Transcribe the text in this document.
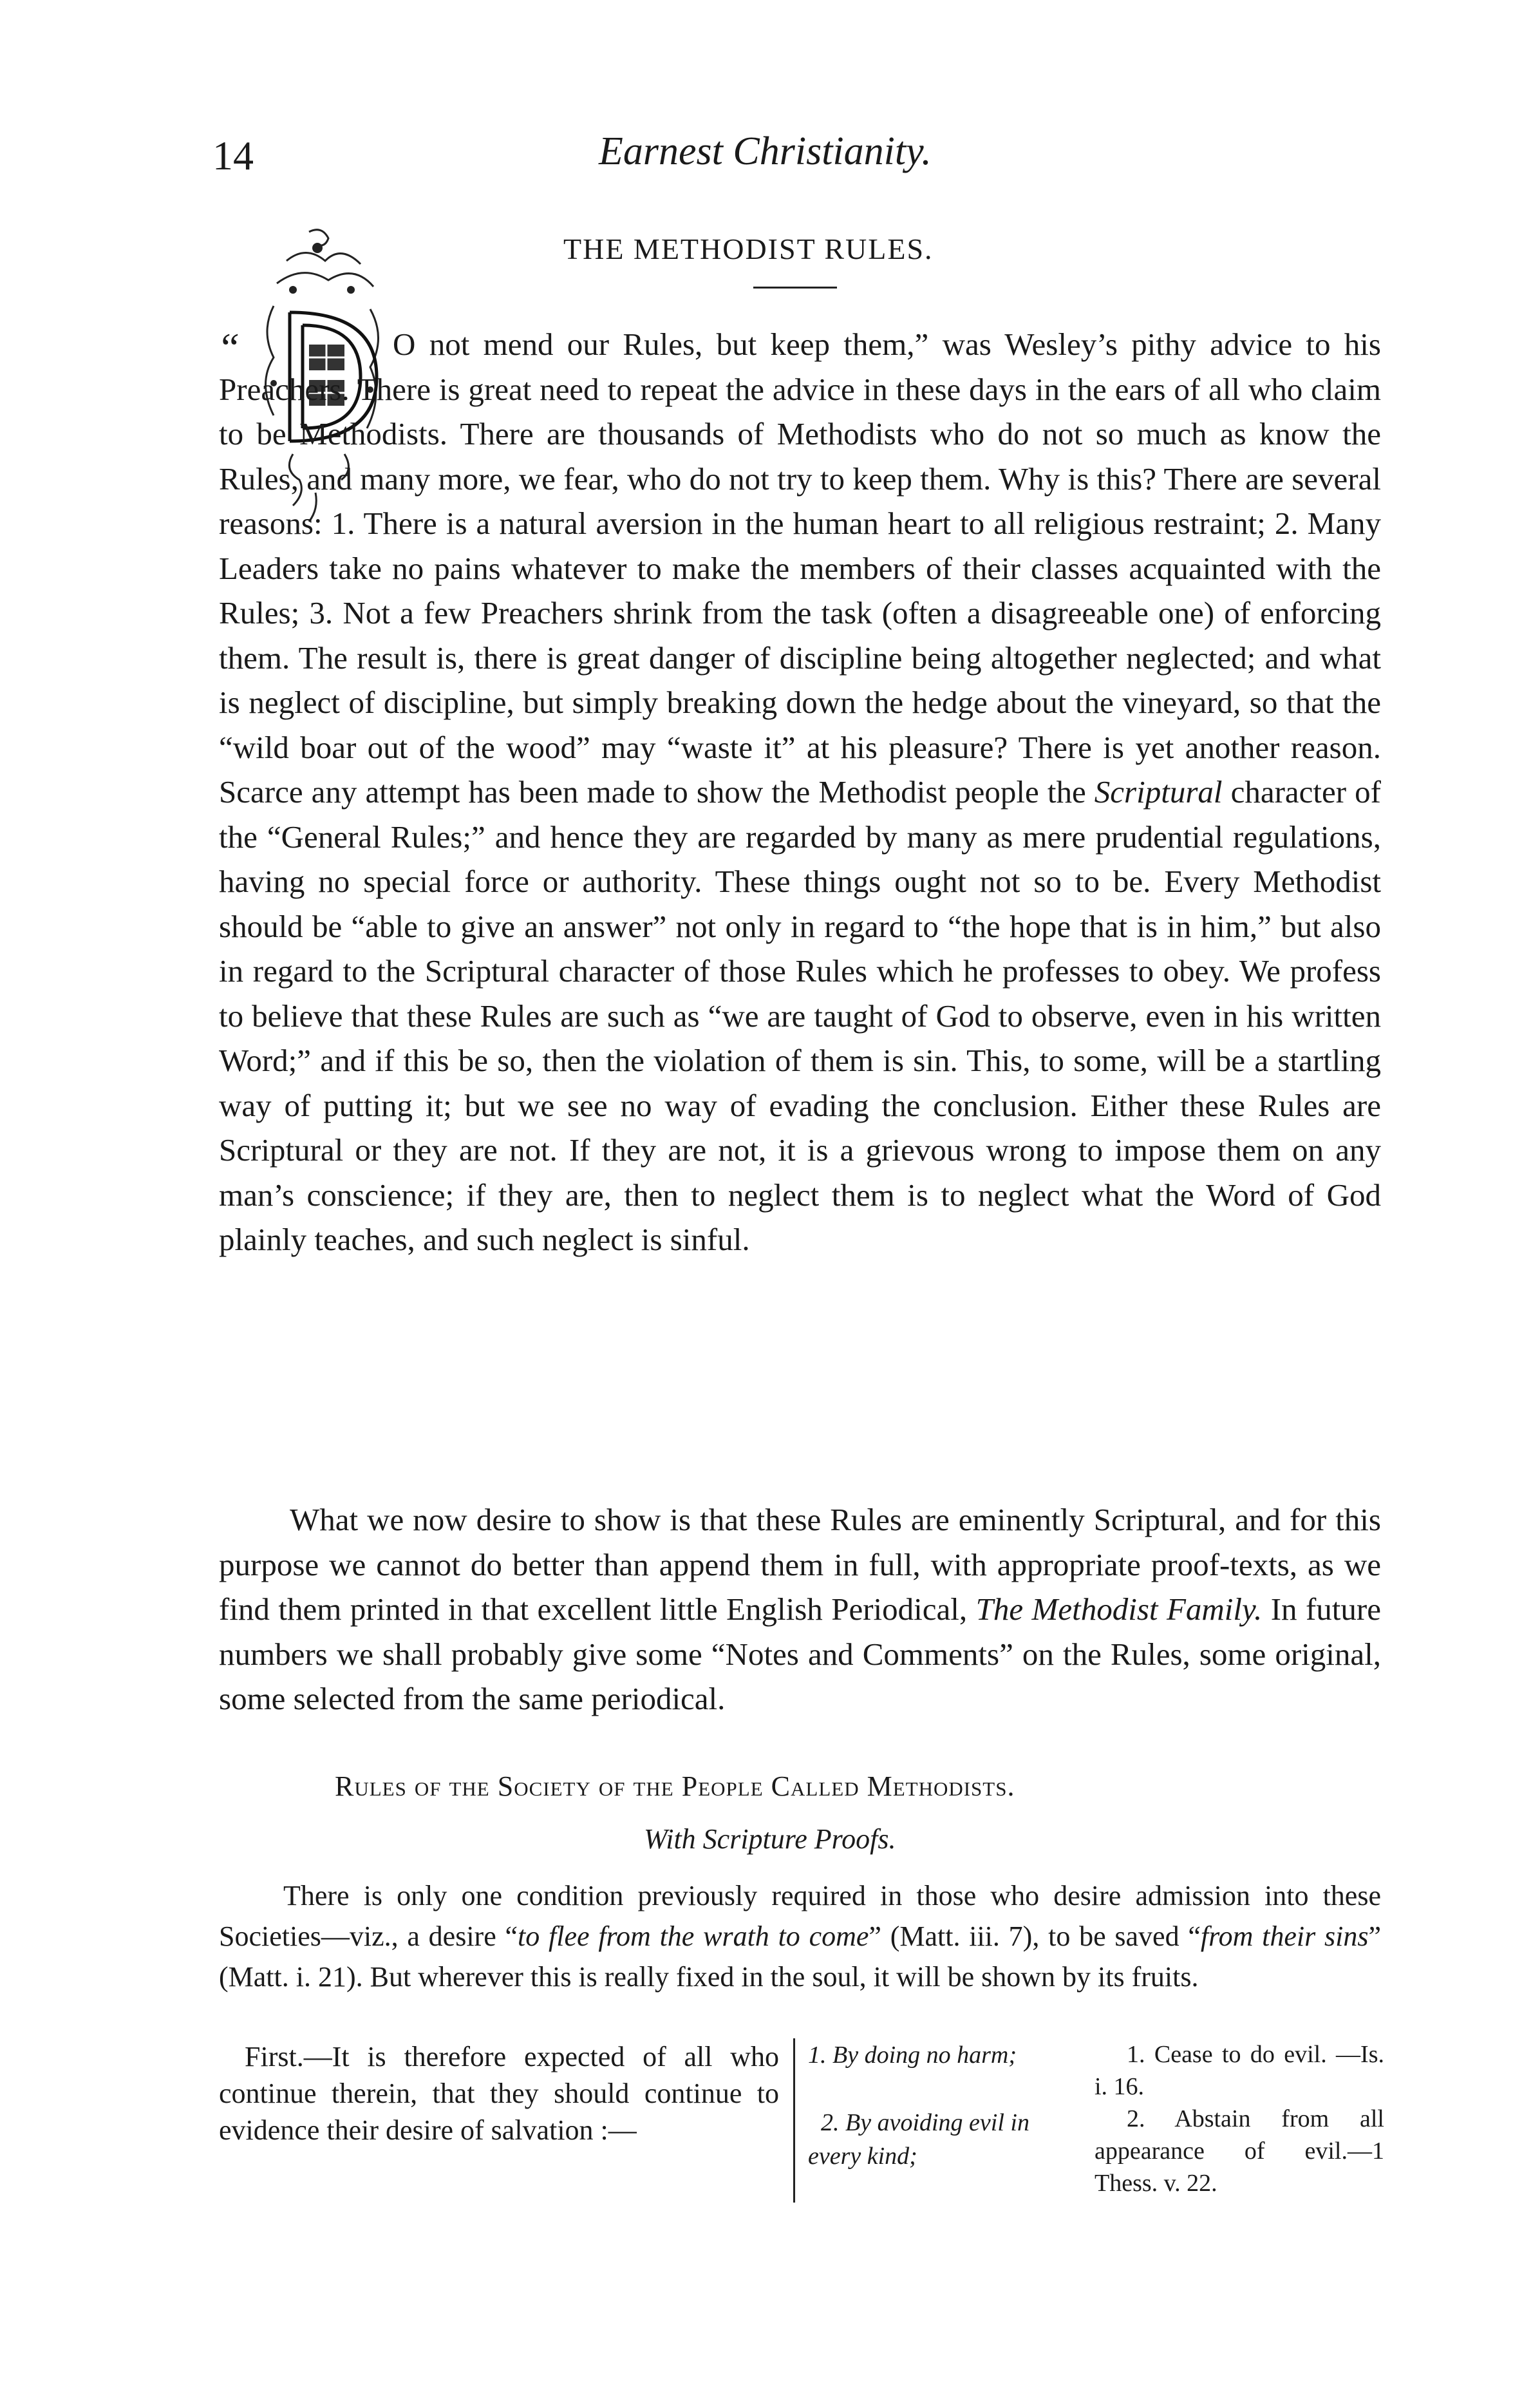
14	Earnest Christianity.
THE METHODIST RULES.
“	O not mend our Rules, but keep them,” was Wesley’s pithy advice to his Preachers. There is great need to repeat the advice in these days in the ears of all who claim to be Methodists. There are thousands of Methodists who do not so much as know the Rules, and many more, we fear, who do not try to keep them. Why is this? There are several reasons: 1. There is a natural aversion in the human heart to all religious restraint; 2. Many Leaders take no pains whatever to make the members of their classes acquainted with the Rules; 3. Not a few Preachers shrink from the task (often a disagreeable one) of enforcing them. The result is, there is great danger of discipline being altogether neglected; and what is neglect of discipline, but simply breaking down the hedge about the vineyard, so that the “wild boar out of the wood” may “waste it” at his pleasure? There is yet another reason. Scarce any attempt has been made to show the Methodist people the Scriptural character of the “General Rules;” and hence they are regarded by many as mere prudential regulations, having no special force or authority. These things ought not so to be. Every Methodist should be “able to give an answer” not only in regard to “the hope that is in him,” but also in regard to the Scriptural character of those Rules which he professes to obey. We profess to believe that these Rules are such as “we are taught of God to observe, even in his written Word;” and if this be so, then the violation of them is sin. This, to some, will be a startling way of putting it; but we see no way of evading the conclusion. Either these Rules are Scriptural or they are not. If they are not, it is a grievous wrong to impose them on any man’s conscience; if they are, then to neglect them is to neglect what the Word of God plainly teaches, and such neglect is sinful.

What we now desire to show is that these Rules are eminently Scriptural, and for this purpose we cannot do better than append them in full, with appropriate proof-texts, as we find them printed in that excellent little English Periodical, The Methodist Family. In future numbers we shall probably give some “Notes and Comments” on the Rules, some original, some selected from the same periodical.

Rules of the Society of the People Called Methodists.
With Scripture Proofs.

There is only one condition previously required in those who desire admission into these Societies—viz., a desire “to flee from the wrath to come” (Matt. iii. 7), to be saved “from their sins” (Matt. i. 21). But wherever this is really fixed in the soul, it will be shown by its fruits.

First.—It is therefore expected of all who continue therein, that they should continue to evidence their desire of salvation :—

1. By doing no harm;
2. By avoiding evil in every kind;
1. Cease to do evil. —Is. i. 16.
2. Abstain from all appearance of evil.—1 Thess. v. 22.
